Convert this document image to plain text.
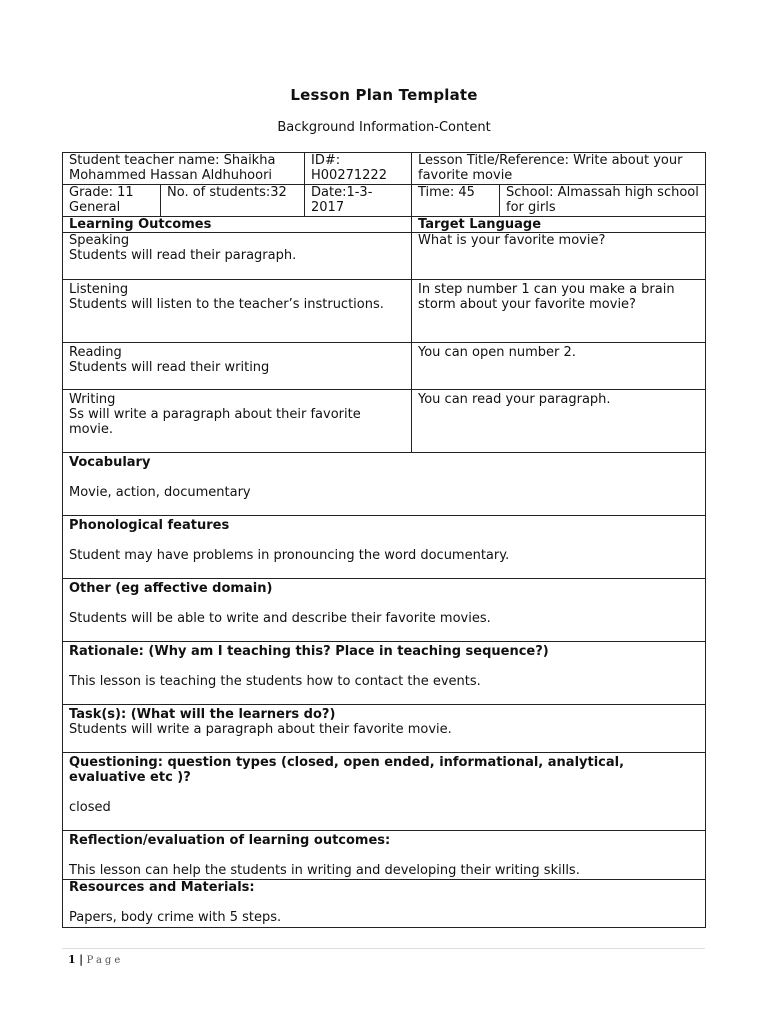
Lesson Plan Template
Background Information-Content
Student teacher name: Shaikha Mohammed Hassan Aldhuhoori		ID#: H00271222	Lesson Title/Reference: Write about your favorite movie	
Grade: 11 General	No. of students:32	Date:1-3-2017	Time: 45	School: Almassah high school for girls
Learning Outcomes			Target Language	

Speaking
Students will read their paragraph.			What is your favorite movie?	

Listening
Students will listen to the teacher’s instructions.			In step number 1 can you make a brain storm about your favorite movie?	

Reading
Students will read their writing			You can open number 2.	

Writing
Ss will write a paragraph about their favorite movie.			You can read your paragraph.	

Vocabulary
Movie, action, documentary				

Phonological features
Student may have problems in pronouncing the word documentary.				

Other (eg affective domain)
Students will be able to write and describe their favorite movies.				

Rationale: (Why am I teaching this? Place in teaching sequence?)
This lesson is teaching the students how to contact the events.				

Task(s): (What will the learners do?)
Students will write a paragraph about their favorite movie.				

Questioning: question types (closed, open ended, informational, analytical, evaluative etc )?
closed				

Reflection/evaluation of learning outcomes:
This lesson can help the students in writing and developing their writing skills.				

Resources and Materials:
Papers, body crime with 5 steps.				
1 | Page
